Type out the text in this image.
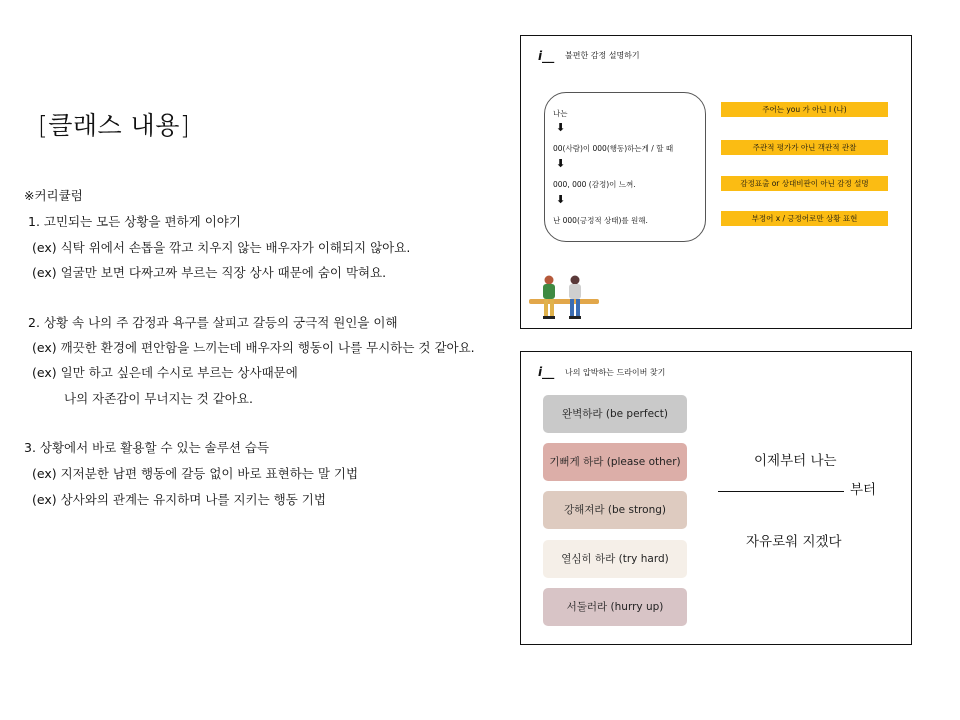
[클래스 내용]
※커리큘럼
1. 고민되는 모든 상황을 편하게 이야기
(ex) 식탁 위에서 손톱을 깎고 치우지 않는 배우자가 이해되지 않아요.
(ex) 얼굴만 보면 다짜고짜 부르는 직장 상사 때문에 숨이 막혀요.
2. 상황 속 나의 주 감정과 욕구를 살피고 갈등의 궁극적 원인을 이해
(ex) 깨끗한 환경에 편안함을 느끼는데 배우자의 행동이 나를 무시하는 것 같아요.
(ex) 일만 하고 싶은데 수시로 부르는 상사때문에
나의 자존감이 무너지는 것 같아요.
3. 상황에서 바로 활용할 수 있는 솔루션 습득
(ex) 지저분한 남편 행동에 갈등 없이 바로 표현하는 말 기법
(ex) 상사와의 관계는 유지하며 나를 지키는 행동 기법
i__ 불편한 감정 설명하기
나는
⬇
00(사람)이 000(행동)하는게 / 할 때
⬇
000, 000 (감정)이 느껴.
⬇
난 000(긍정적 상태)를 원해.
주어는 you 가 아닌 I (나)
주관적 평가가 아닌 객관적 관찰
감정표출 or 상대비판이 아닌 감정 설명
부정어 x / 긍정어로만 상황 표현
i__ 나의 압박하는 드라이버 찾기
완벽하라 (be perfect)
기뻐게 하라 (please other)
강해져라 (be strong)
열심히 하라 (try hard)
서둘러라 (hurry up)
이제부터 나는
부터
자유로워 지겠다
